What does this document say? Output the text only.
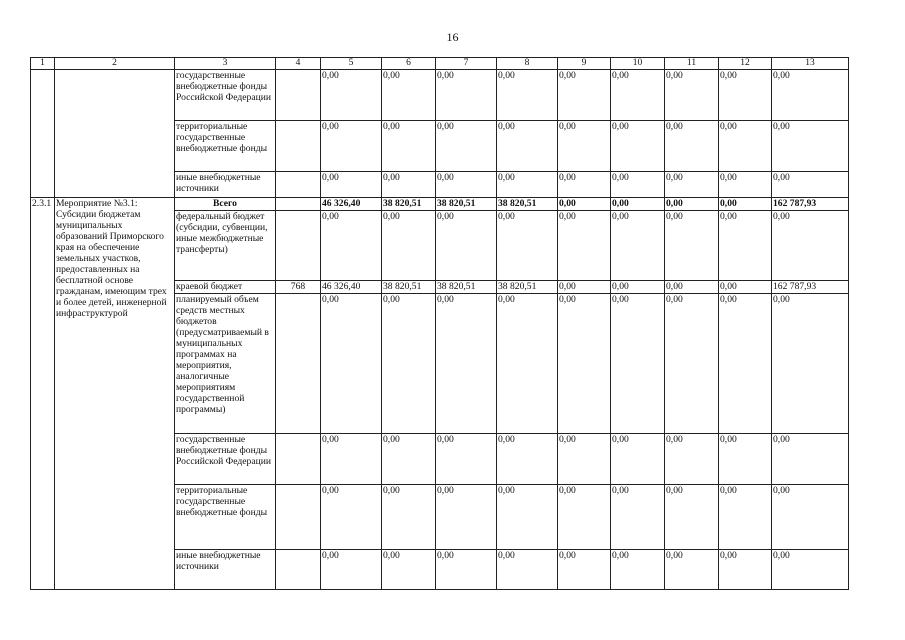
16
1	2	3	4	5	6	7	8	9	10	11	12	13
		государственные внебюджетные фонды Российской Федерации		0,00	0,00	0,00	0,00	0,00	0,00	0,00	0,00	0,00
		территориальные государственные внебюджетные фонды		0,00	0,00	0,00	0,00	0,00	0,00	0,00	0,00	0,00
		иные внебюджетные источники		0,00	0,00	0,00	0,00	0,00	0,00	0,00	0,00	0,00
2.3.1	Мероприятие №3.1: Субсидии бюджетам муниципальных образований Приморского края на обеспечение земельных участков, предоставленных на бесплатной основе гражданам, имеющим трех и более детей, инженерной инфраструктурой	Всего		46 326,40	38 820,51	38 820,51	38 820,51	0,00	0,00	0,00	0,00	162 787,93
		федеральный бюджет (субсидии, субвенции, иные межбюджетные трансферты)		0,00	0,00	0,00	0,00	0,00	0,00	0,00	0,00	0,00
		краевой бюджет	768	46 326,40	38 820,51	38 820,51	38 820,51	0,00	0,00	0,00	0,00	162 787,93
		планируемый объем средств местных бюджетов (предусматриваемый в муниципальных программах на мероприятия, аналогичные мероприятиям государственной программы)		0,00	0,00	0,00	0,00	0,00	0,00	0,00	0,00	0,00
		государственные внебюджетные фонды Российской Федерации		0,00	0,00	0,00	0,00	0,00	0,00	0,00	0,00	0,00
		территориальные государственные внебюджетные фонды		0,00	0,00	0,00	0,00	0,00	0,00	0,00	0,00	0,00
		иные внебюджетные источники		0,00	0,00	0,00	0,00	0,00	0,00	0,00	0,00	0,00
